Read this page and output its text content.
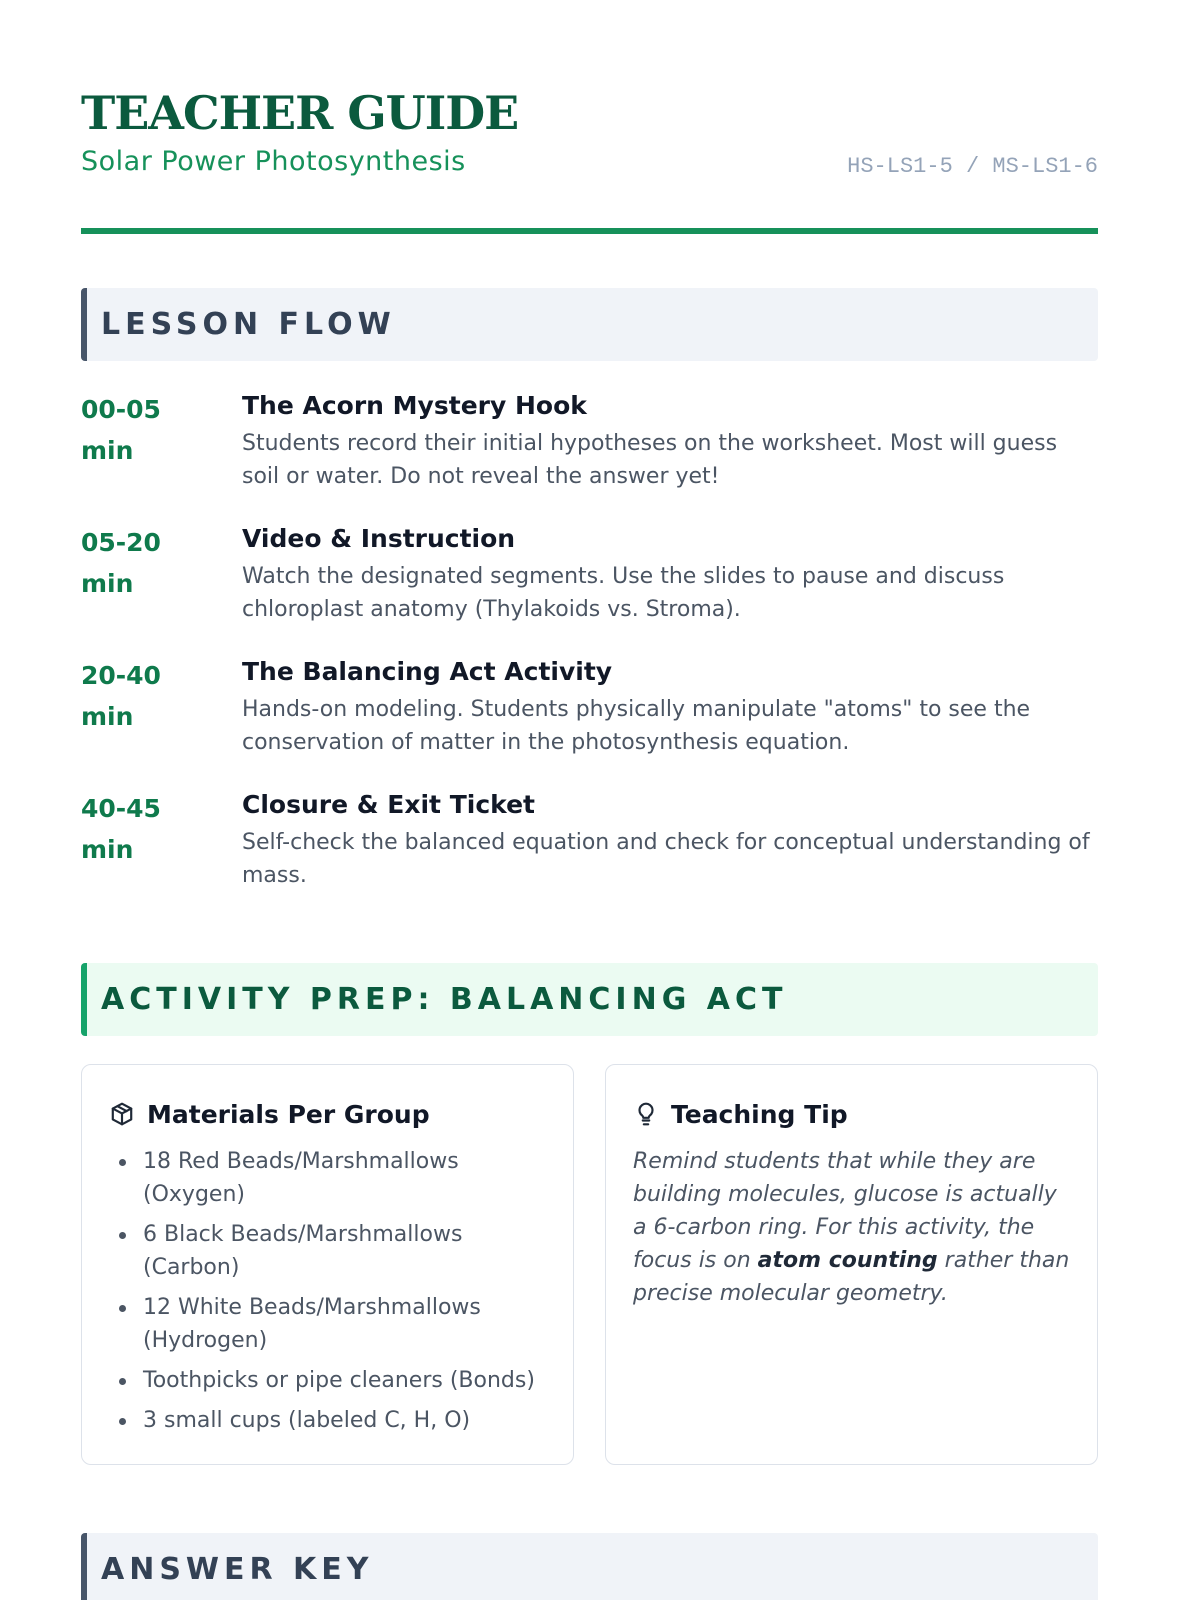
TEACHER GUIDE
Solar Power Photosynthesis	HS-LS1-5 / MS-LS1-6
LESSON FLOW
00-05
min
The Acorn Mystery Hook
Students record their initial hypotheses on the worksheet. Most will guess soil or water. Do not reveal the answer yet!
05-20
min
Video & Instruction
Watch the designated segments. Use the slides to pause and discuss chloroplast anatomy (Thylakoids vs. Stroma).
20-40
min
The Balancing Act Activity
Hands-on modeling. Students physically manipulate "atoms" to see the conservation of matter in the photosynthesis equation.
40-45
min
Closure & Exit Ticket
Self-check the balanced equation and check for conceptual understanding of mass.
ACTIVITY PREP: BALANCING ACT
Materials Per Group
18 Red Beads/Marshmallows (Oxygen)
6 Black Beads/Marshmallows (Carbon)
12 White Beads/Marshmallows (Hydrogen)
Toothpicks or pipe cleaners (Bonds)
3 small cups (labeled C, H, O)
Teaching Tip

Remind students that while they are building molecules, glucose is actually a 6-carbon ring. For this activity, the focus is on atom counting rather than precise molecular geometry.

ANSWER KEY
